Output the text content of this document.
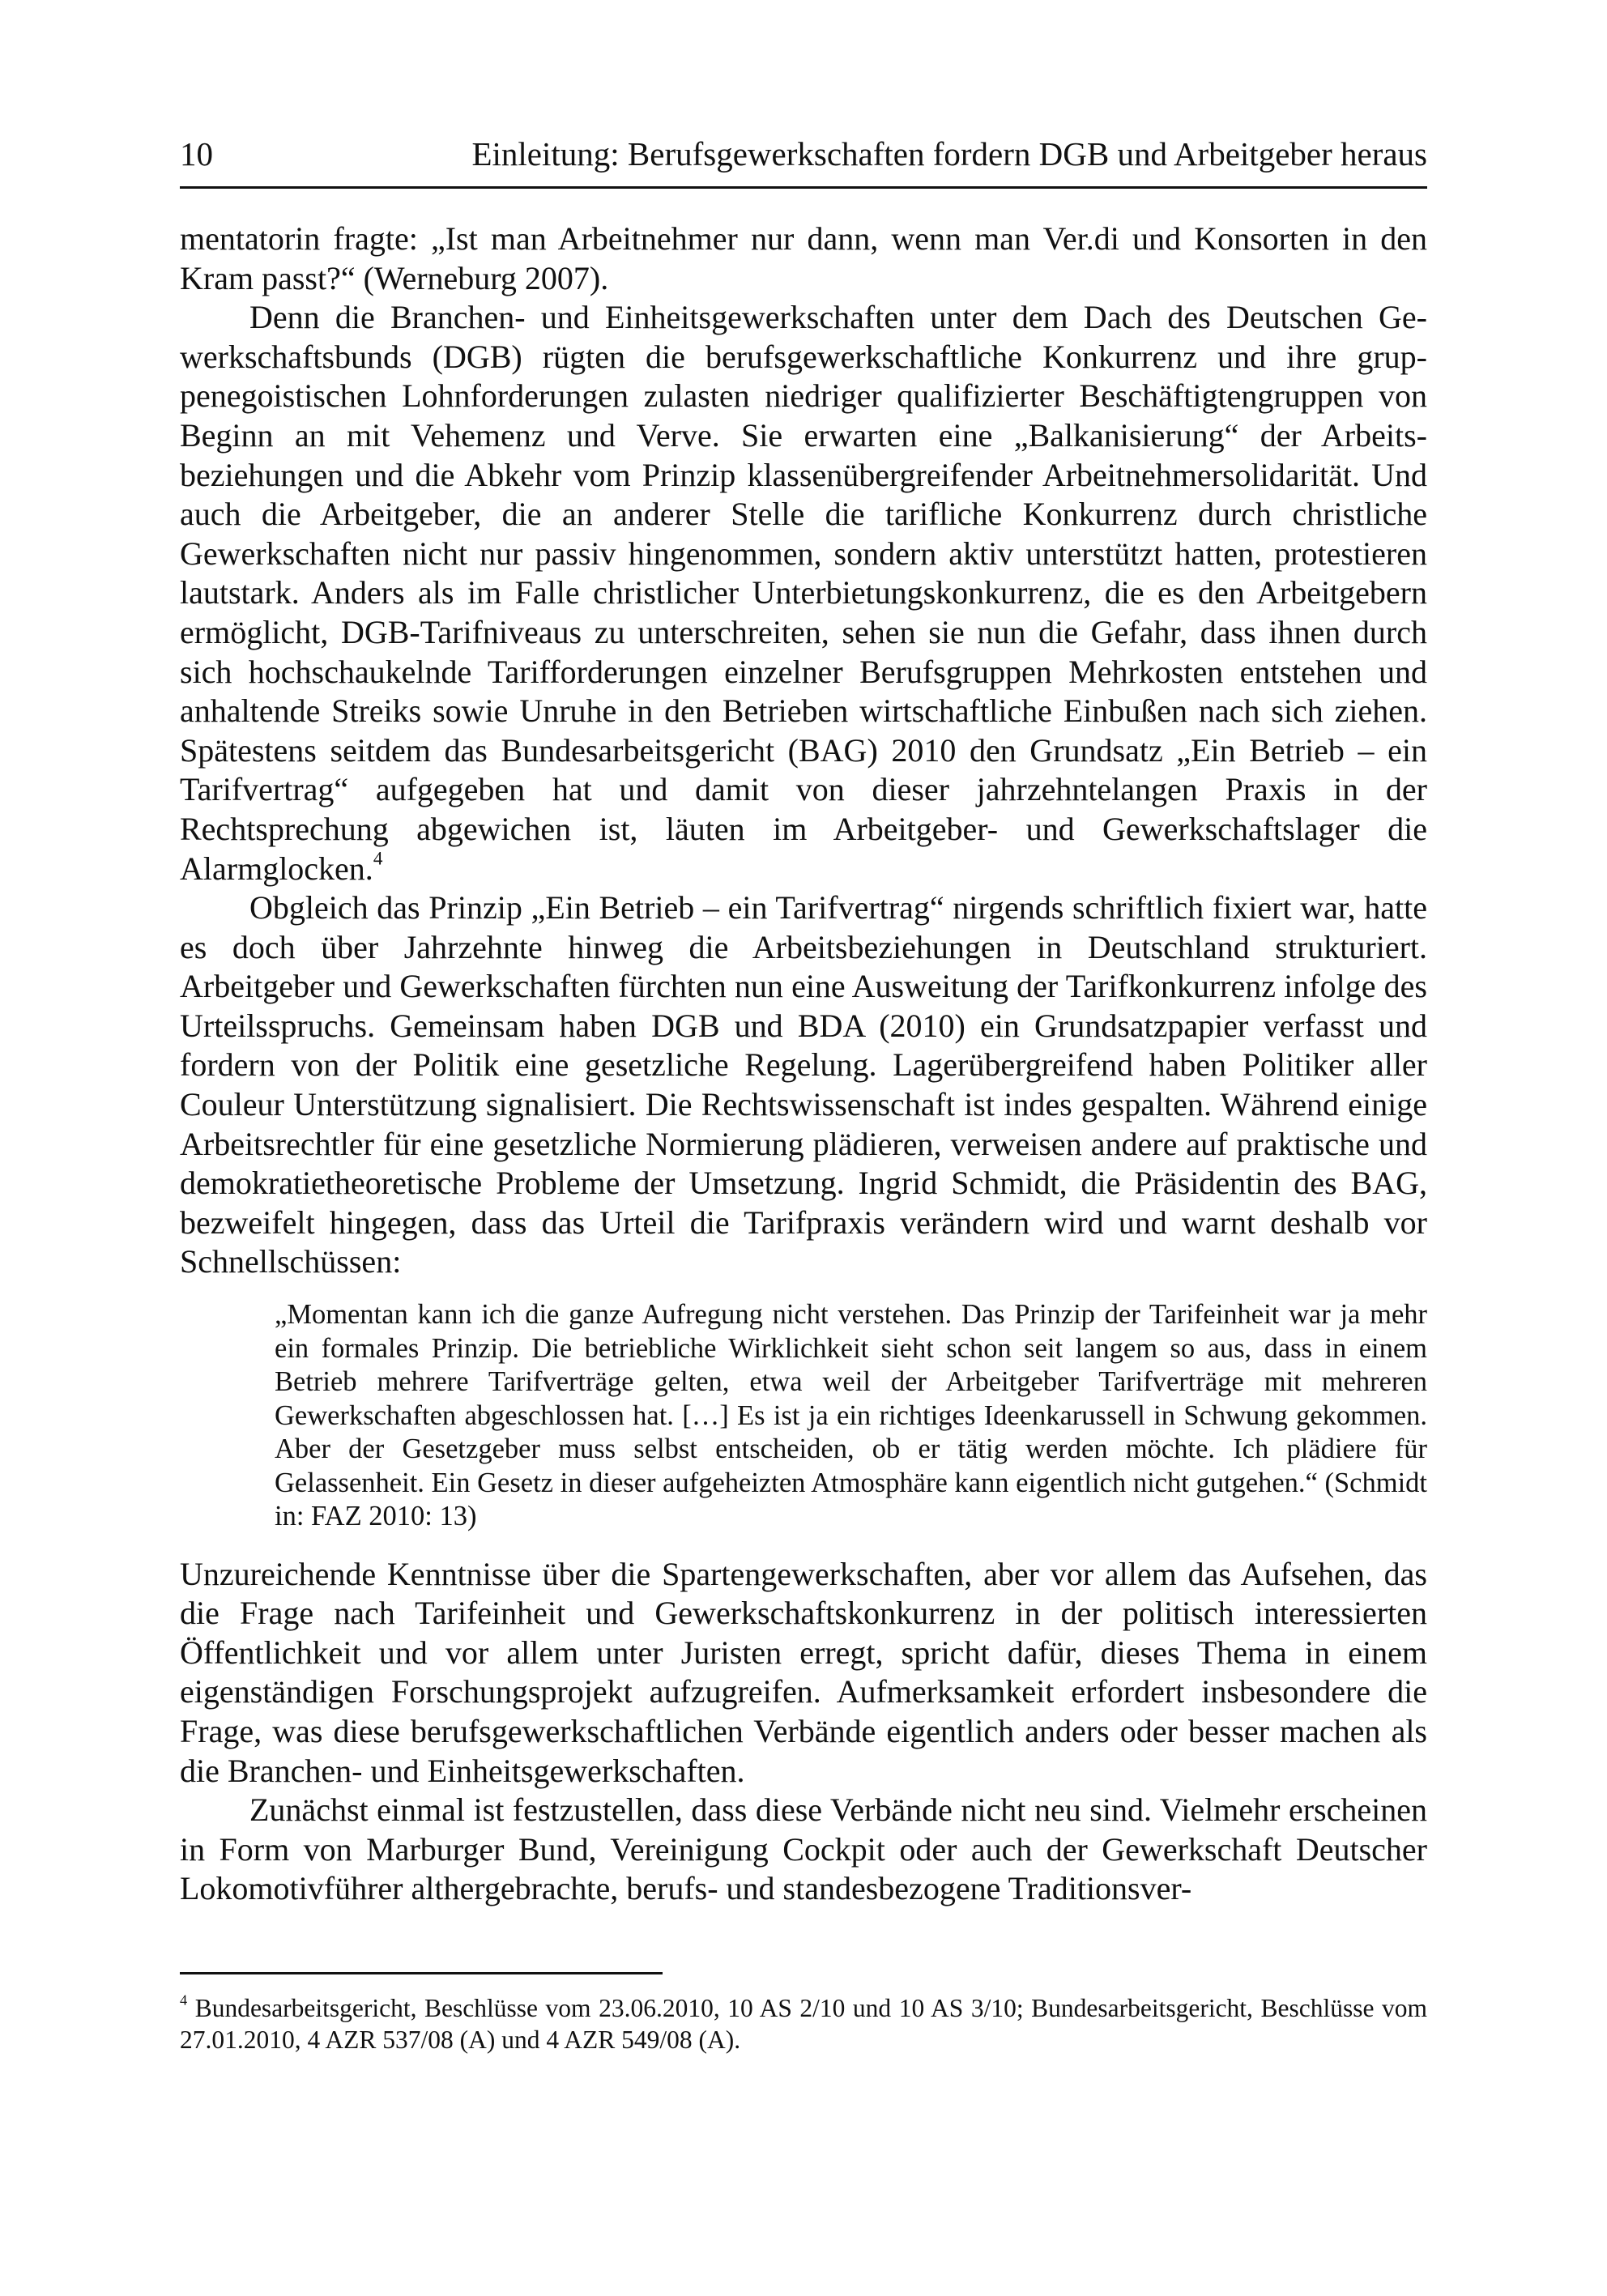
10	Einleitung: Berufsgewerkschaften fordern DGB und Arbeitgeber heraus

mentatorin fragte: „Ist man Arbeitnehmer nur dann, wenn man Ver.di und Konsorten in den Kram passt?“ (Werneburg 2007).

Denn die Branchen- und Einheitsgewerkschaften unter dem Dach des Deutschen Gewerkschaftsbunds (DGB) rügten die berufsgewerkschaftliche Konkurrenz und ihre gruppenegoistischen Lohnforderungen zulasten niedriger qualifizierter Beschäftigtengruppen von Beginn an mit Vehemenz und Verve. Sie erwarten eine „Balkanisierung“ der Arbeitsbeziehungen und die Abkehr vom Prinzip klassenübergreifender Arbeitnehmersolidarität. Und auch die Arbeitgeber, die an anderer Stelle die tarifliche Konkurrenz durch christliche Gewerkschaften nicht nur passiv hingenommen, sondern aktiv unterstützt hatten, protestieren lautstark. Anders als im Falle christlicher Unterbietungskonkurrenz, die es den Arbeitgebern ermöglicht, DGB-Tarifniveaus zu unterschreiten, sehen sie nun die Gefahr, dass ihnen durch sich hochschaukelnde Tarifforderungen einzelner Berufsgruppen Mehrkosten entstehen und anhaltende Streiks sowie Unruhe in den Betrieben wirtschaftliche Einbußen nach sich ziehen. Spätestens seitdem das Bundesarbeitsgericht (BAG) 2010 den Grundsatz „Ein Betrieb – ein Tarifvertrag“ aufgegeben hat und damit von dieser jahrzehntelangen Praxis in der Rechtsprechung abgewichen ist, läuten im Arbeitgeber- und Gewerkschaftslager die Alarmglocken.$^4$

Obgleich das Prinzip „Ein Betrieb – ein Tarifvertrag“ nirgends schriftlich fixiert war, hatte es doch über Jahrzehnte hinweg die Arbeitsbeziehungen in Deutschland strukturiert. Arbeitgeber und Gewerkschaften fürchten nun eine Ausweitung der Tarifkonkurrenz infolge des Urteilsspruchs. Gemeinsam haben DGB und BDA (2010) ein Grundsatzpapier verfasst und fordern von der Politik eine gesetzliche Regelung. Lagerübergreifend haben Politiker aller Couleur Unterstützung signalisiert. Die Rechtswissenschaft ist indes gespalten. Während einige Arbeitsrechtler für eine gesetzliche Normierung plädieren, verweisen andere auf praktische und demokratietheoretische Probleme der Umsetzung. Ingrid Schmidt, die Präsidentin des BAG, bezweifelt hingegen, dass das Urteil die Tarifpraxis verändern wird und warnt deshalb vor Schnellschüssen:

„Momentan kann ich die ganze Aufregung nicht verstehen. Das Prinzip der Tarifeinheit war ja mehr ein formales Prinzip. Die betriebliche Wirklichkeit sieht schon seit langem so aus, dass in einem Betrieb mehrere Tarifverträge gelten, etwa weil der Arbeitgeber Tarifverträge mit mehreren Gewerkschaften abgeschlossen hat. […] Es ist ja ein richtiges Ideenkarussell in Schwung gekommen. Aber der Gesetzgeber muss selbst entscheiden, ob er tätig werden möchte. Ich plädiere für Gelassenheit. Ein Gesetz in dieser aufgeheizten Atmosphäre kann eigentlich nicht gutgehen.“ (Schmidt in: FAZ 2010: 13)

Unzureichende Kenntnisse über die Spartengewerkschaften, aber vor allem das Aufsehen, das die Frage nach Tarifeinheit und Gewerkschaftskonkurrenz in der politisch interessierten Öffentlichkeit und vor allem unter Juristen erregt, spricht dafür, dieses Thema in einem eigenständigen Forschungsprojekt aufzugreifen. Aufmerksamkeit erfordert insbesondere die Frage, was diese berufsgewerkschaftlichen Verbände eigentlich anders oder besser machen als die Branchen- und Einheitsgewerkschaften.

Zunächst einmal ist festzustellen, dass diese Verbände nicht neu sind. Vielmehr erscheinen in Form von Marburger Bund, Vereinigung Cockpit oder auch der Gewerkschaft Deutscher Lokomotivführer althergebrachte, berufs- und standesbezogene Traditionsver-

$^4$ Bundesarbeitsgericht, Beschlüsse vom 23.06.2010, 10 AS 2/10 und 10 AS 3/10; Bundesarbeitsgericht, Beschlüsse vom 27.01.2010, 4 AZR 537/08 (A) und 4 AZR 549/08 (A).
